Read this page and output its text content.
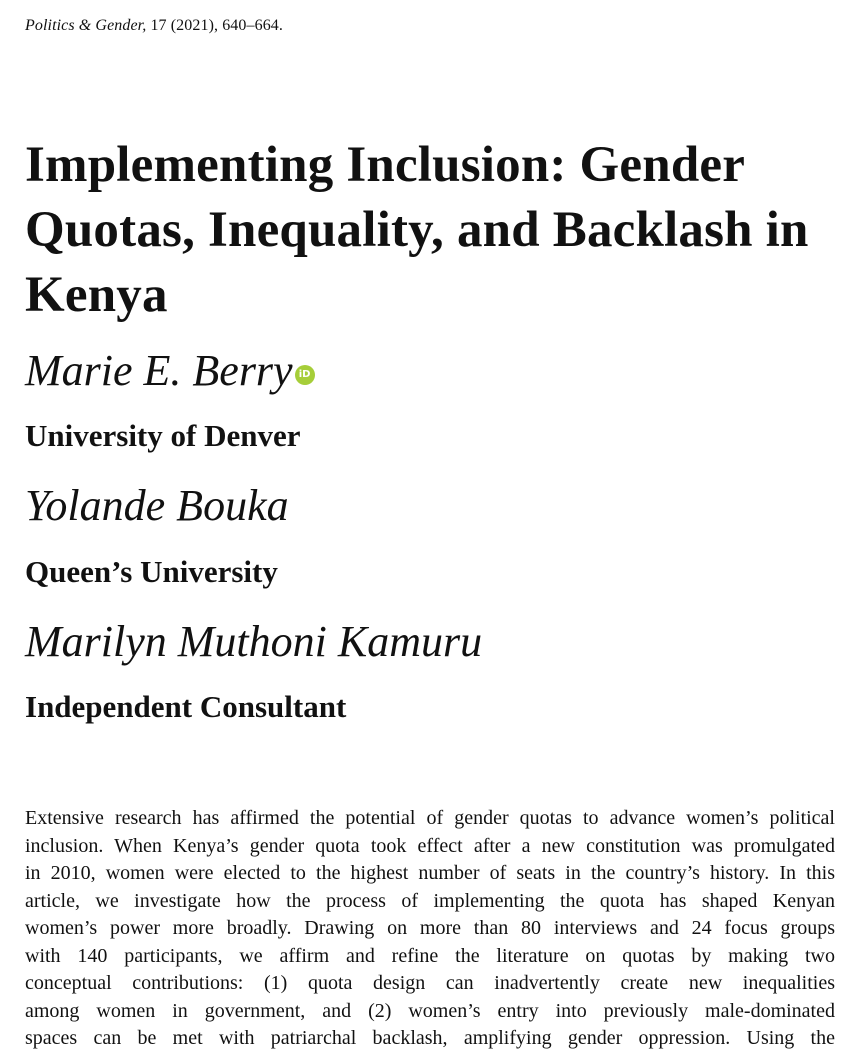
Politics & Gender, 17 (2021), 640–664.
Implementing Inclusion: Gender
Quotas, Inequality, and Backlash in
Kenya
Marie E. Berry iD
University of Denver
Yolande Bouka
Queen’s University
Marilyn Muthoni Kamuru
Independent Consultant

Extensive research has affirmed the potential of gender quotas to advance women’s political
inclusion. When Kenya’s gender quota took effect after a new constitution was promulgated
in 2010, women were elected to the highest number of seats in the country’s history. In this
article, we investigate how the process of implementing the quota has shaped Kenyan
women’s power more broadly. Drawing on more than 80 interviews and 24 focus groups
with 140 participants, we affirm and refine the literature on quotas by making two
conceptual contributions: (1) quota design can inadvertently create new inequalities
among women in government, and (2) women’s entry into previously male-dominated
spaces can be met with patriarchal backlash, amplifying gender oppression. Using the
